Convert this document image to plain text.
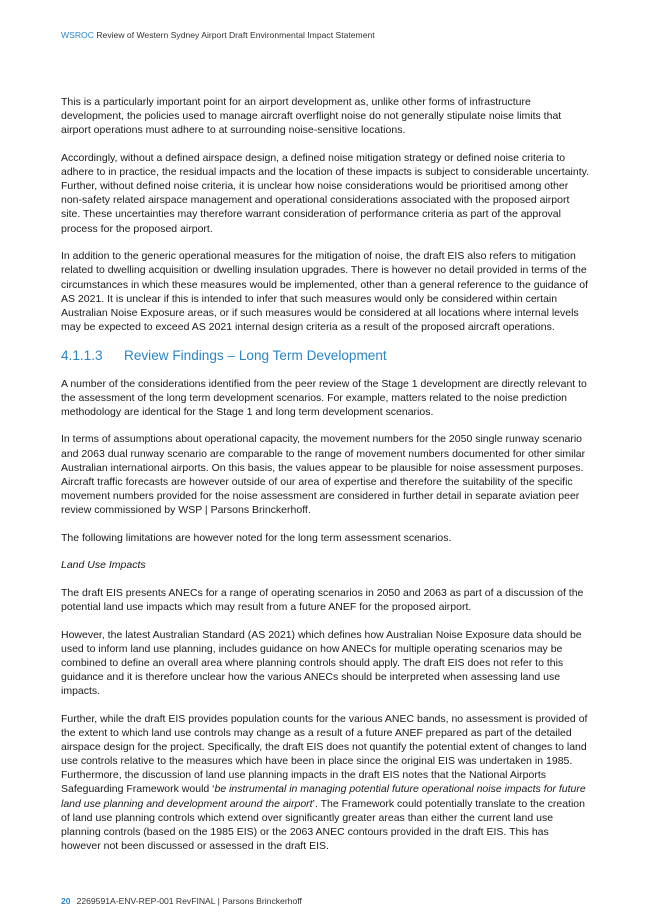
WSROC Review of Western Sydney Airport Draft Environmental Impact Statement

This is a particularly important point for an airport development as, unlike other forms of infrastructure development, the policies used to manage aircraft overflight noise do not generally stipulate noise limits that airport operations must adhere to at surrounding noise-sensitive locations.

Accordingly, without a defined airspace design, a defined noise mitigation strategy or defined noise criteria to adhere to in practice, the residual impacts and the location of these impacts is subject to considerable uncertainty. Further, without defined noise criteria, it is unclear how noise considerations would be prioritised among other non-safety related airspace management and operational considerations associated with the proposed airport site. These uncertainties may therefore warrant consideration of performance criteria as part of the approval process for the proposed airport.

In addition to the generic operational measures for the mitigation of noise, the draft EIS also refers to mitigation related to dwelling acquisition or dwelling insulation upgrades. There is however no detail provided in terms of the circumstances in which these measures would be implemented, other than a general reference to the guidance of AS 2021. It is unclear if this is intended to infer that such measures would only be considered within certain Australian Noise Exposure areas, or if such measures would be considered at all locations where internal levels may be expected to exceed AS 2021 internal design criteria as a result of the proposed aircraft operations.

4.1.1.3 Review Findings – Long Term Development

A number of the considerations identified from the peer review of the Stage 1 development are directly relevant to the assessment of the long term development scenarios. For example, matters related to the noise prediction methodology are identical for the Stage 1 and long term development scenarios.

In terms of assumptions about operational capacity, the movement numbers for the 2050 single runway scenario and 2063 dual runway scenario are comparable to the range of movement numbers documented for other similar Australian international airports. On this basis, the values appear to be plausible for noise assessment purposes. Aircraft traffic forecasts are however outside of our area of expertise and therefore the suitability of the specific movement numbers provided for the noise assessment are considered in further detail in separate aviation peer review commissioned by WSP | Parsons Brinckerhoff.

The following limitations are however noted for the long term assessment scenarios.

Land Use Impacts

The draft EIS presents ANECs for a range of operating scenarios in 2050 and 2063 as part of a discussion of the potential land use impacts which may result from a future ANEF for the proposed airport.

However, the latest Australian Standard (AS 2021) which defines how Australian Noise Exposure data should be used to inform land use planning, includes guidance on how ANECs for multiple operating scenarios may be combined to define an overall area where planning controls should apply. The draft EIS does not refer to this guidance and it is therefore unclear how the various ANECs should be interpreted when assessing land use impacts.

Further, while the draft EIS provides population counts for the various ANEC bands, no assessment is provided of the extent to which land use controls may change as a result of a future ANEF prepared as part of the detailed airspace design for the project. Specifically, the draft EIS does not quantify the potential extent of changes to land use controls relative to the measures which have been in place since the original EIS was undertaken in 1985. Furthermore, the discussion of land use planning impacts in the draft EIS notes that the National Airports Safeguarding Framework would ‘be instrumental in managing potential future operational noise impacts for future land use planning and development around the airport’. The Framework could potentially translate to the creation of land use planning controls which extend over significantly greater areas than either the current land use planning controls (based on the 1985 EIS) or the 2063 ANEC contours provided in the draft EIS. This has however not been discussed or assessed in the draft EIS.

20 2269591A-ENV-REP-001 RevFINAL | Parsons Brinckerhoff
